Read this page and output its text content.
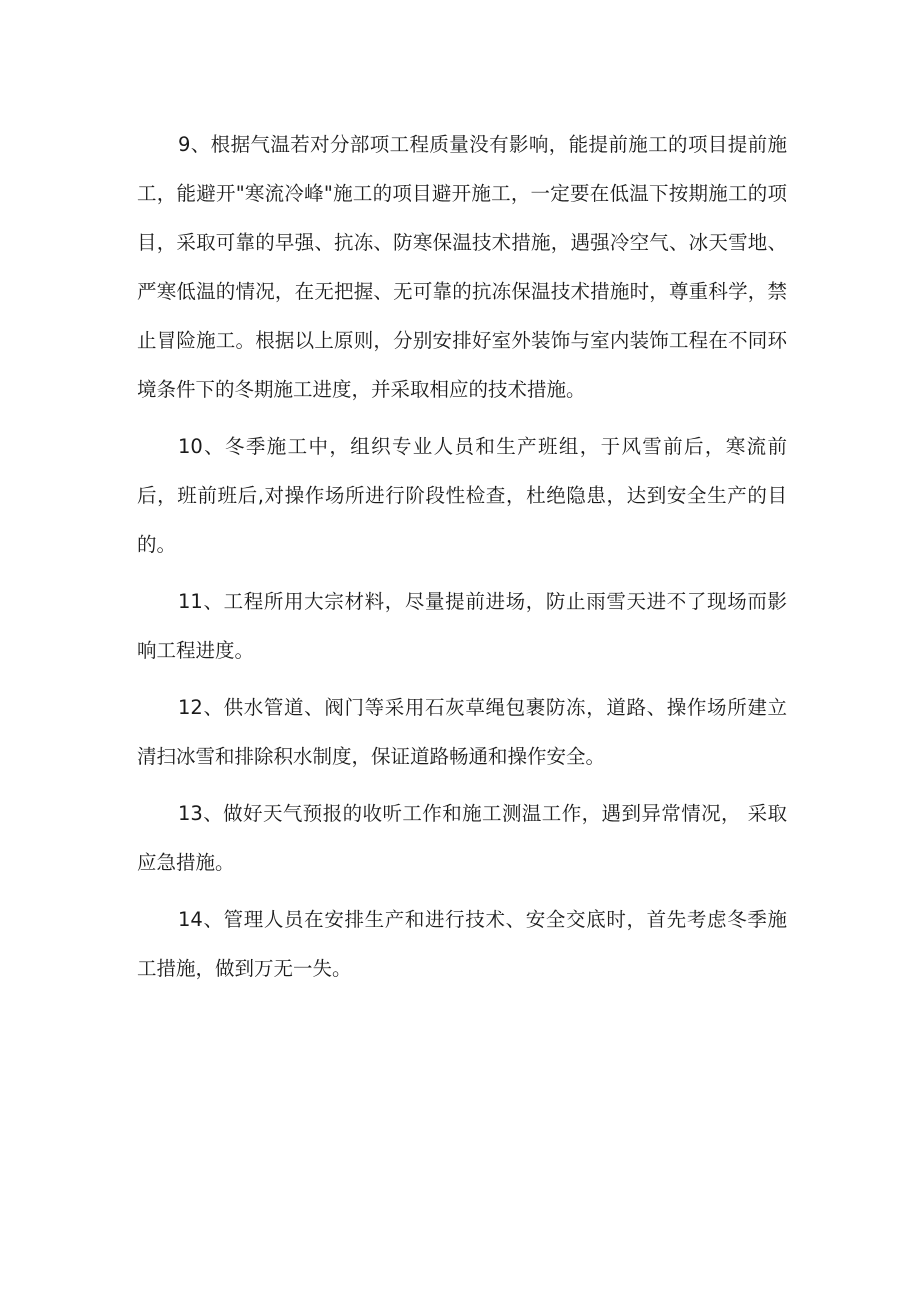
9、根据气温若对分部项工程质量没有影响，能提前施工的项目提前施工，能避开"寒流冷峰"施工的项目避开施工，一定要在低温下按期施工的项目，采取可靠的早强、抗冻、防寒保温技术措施，遇强冷空气、冰天雪地、严寒低温的情况，在无把握、无可靠的抗冻保温技术措施时，尊重科学，禁止冒险施工。根据以上原则，分别安排好室外装饰与室内装饰工程在不同环境条件下的冬期施工进度，并采取相应的技术措施。

10、冬季施工中，组织专业人员和生产班组，于风雪前后，寒流前后，班前班后,对操作场所进行阶段性检查，杜绝隐患，达到安全生产的目的。

11、工程所用大宗材料，尽量提前进场，防止雨雪天进不了现场而影响工程进度。

12、供水管道、阀门等采用石灰草绳包裹防冻，道路、操作场所建立清扫冰雪和排除积水制度，保证道路畅通和操作安全。

13、做好天气预报的收听工作和施工测温工作，遇到异常情况， 采取应急措施。

14、管理人员在安排生产和进行技术、安全交底时，首先考虑冬季施工措施，做到万无一失。
